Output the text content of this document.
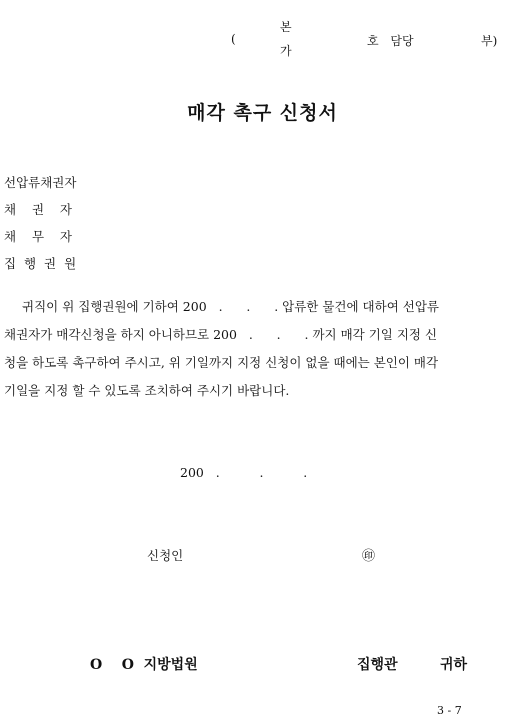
(
본
가
호 담당	부)
매각 촉구 신청서
선압류채권자
채    권    자
채    무    자
집  행  권  원
귀직이 위 집행권원에 기하여 200   .      .      . 압류한 물건에 대하여 선압류
채권자가 매각신청을 하지 아니하므로 200   .      .      . 까지 매각 기일 지정 신
청을 하도록 촉구하여 주시고, 위 기일까지 지정 신청이 없을 때에는 본인이 매각
기일을 지정 할 수 있도록 조치하여 주시기 바랍니다.
200   .          .          .
신청인	㊞
O    O  지방법원	집행관	귀하
3 - 7
